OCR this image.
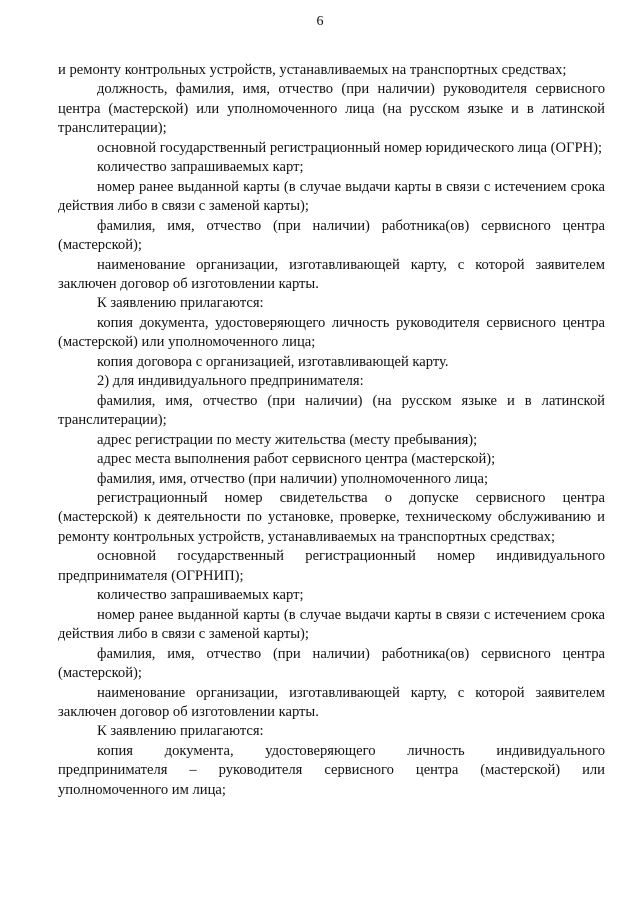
6

и ремонту контрольных устройств, устанавливаемых на транспортных средствах;

должность, фамилия, имя, отчество (при наличии) руководителя сервисного центра (мастерской) или уполномоченного лица (на русском языке и в латинской транслитерации);

основной государственный регистрационный номер юридического лица (ОГРН);

количество запрашиваемых карт;

номер ранее выданной карты (в случае выдачи карты в связи с истечением срока действия либо в связи с заменой карты);

фамилия, имя, отчество (при наличии) работника(ов) сервисного центра (мастерской);

наименование организации, изготавливающей карту, с которой заявителем заключен договор об изготовлении карты.

К заявлению прилагаются:

копия документа, удостоверяющего личность руководителя сервисного центра (мастерской) или уполномоченного лица;

копия договора с организацией, изготавливающей карту.

2) для индивидуального предпринимателя:

фамилия, имя, отчество (при наличии) (на русском языке и в латинской транслитерации);

адрес регистрации по месту жительства (месту пребывания);

адрес места выполнения работ сервисного центра (мастерской);

фамилия, имя, отчество (при наличии) уполномоченного лица;

регистрационный номер свидетельства о допуске сервисного центра (мастерской) к деятельности по установке, проверке, техническому обслуживанию и ремонту контрольных устройств, устанавливаемых на транспортных средствах;

основной государственный регистрационный номер индивидуального предпринимателя (ОГРНИП);

количество запрашиваемых карт;

номер ранее выданной карты (в случае выдачи карты в связи с истечением срока действия либо в связи с заменой карты);

фамилия, имя, отчество (при наличии) работника(ов) сервисного центра (мастерской);

наименование организации, изготавливающей карту, с которой заявителем заключен договор об изготовлении карты.

К заявлению прилагаются:

копия документа, удостоверяющего личность индивидуального предпринимателя – руководителя сервисного центра (мастерской) или уполномоченного им лица;
